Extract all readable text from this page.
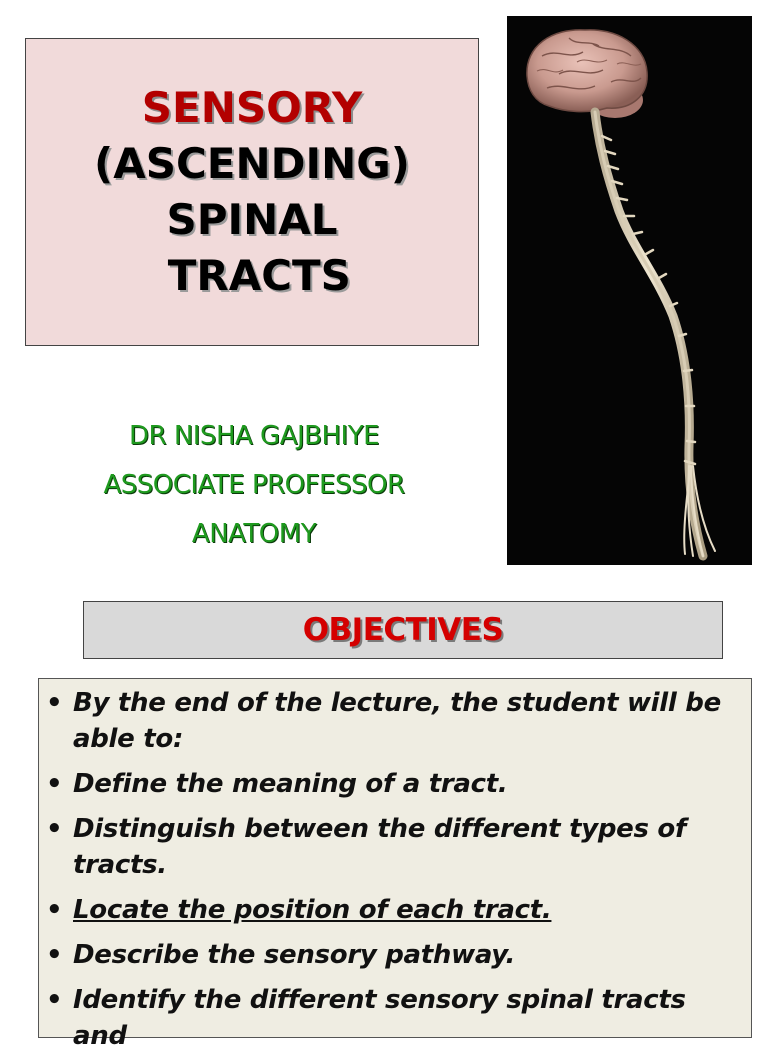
SENSORY
(ASCENDING)
SPINAL
TRACTS
DR NISHA GAJBHIYE
ASSOCIATE PROFESSOR
ANATOMY
OBJECTIVES
• By the end of the lecture, the student will be able to:
• Define the meaning of a tract.
• Distinguish between the different types of tracts.
• Locate the position of each tract.
• Describe the sensory pathway.
• Identify the different sensory spinal tracts and
